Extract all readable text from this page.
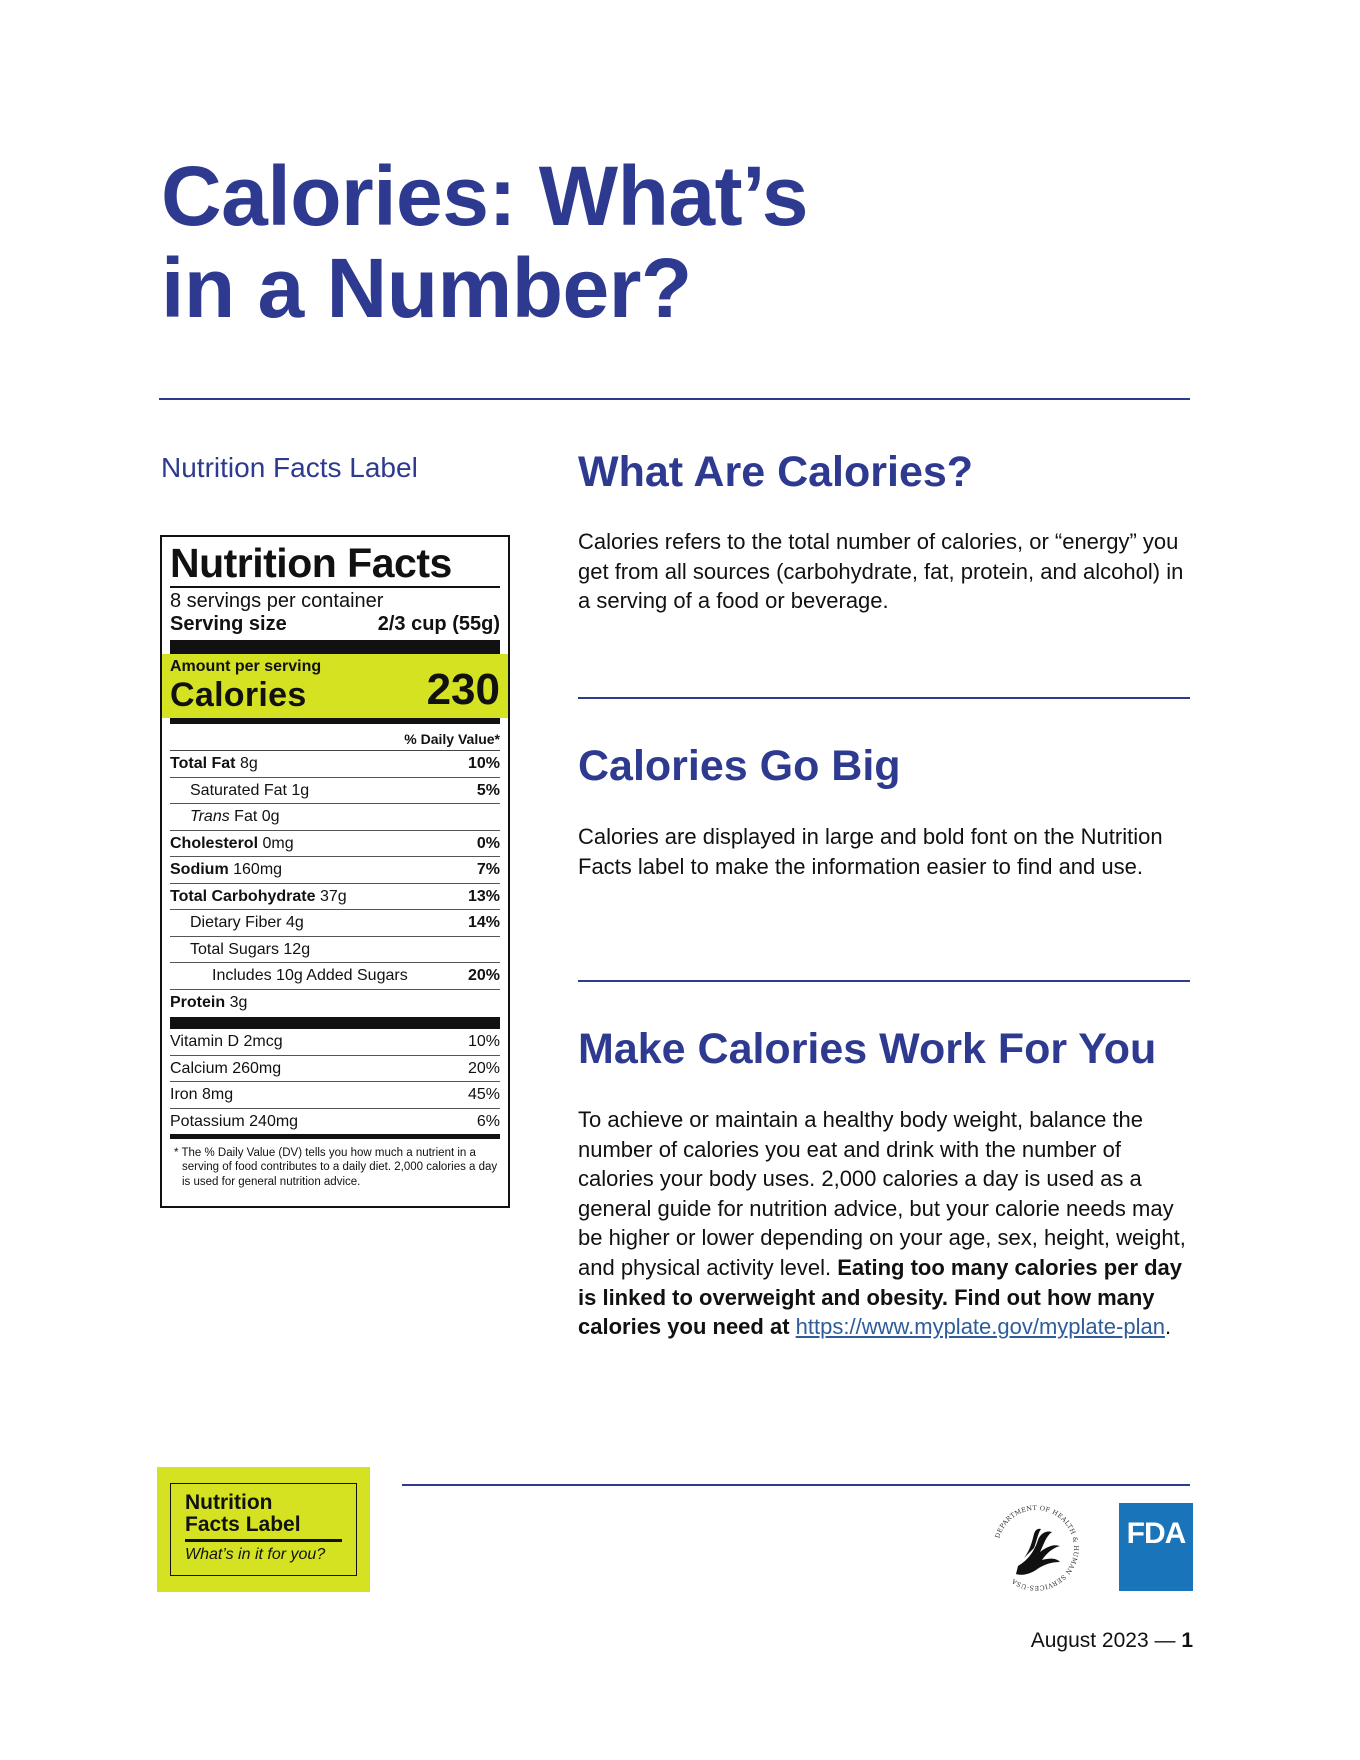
Calories: What’s
in a Number?
Nutrition Facts Label
Nutrition Facts
8 servings per container
Serving size	2/3 cup (55g)
Amount per serving
Calories	230
% Daily Value*
Total Fat 8g	10%
Saturated Fat 1g	5%
Trans Fat 0g
Cholesterol 0mg	0%
Sodium 160mg	7%
Total Carbohydrate 37g	13%
Dietary Fiber 4g	14%
Total Sugars 12g
Includes 10g Added Sugars	20%
Protein 3g
Vitamin D 2mcg	10%
Calcium 260mg	20%
Iron 8mg	45%
Potassium 240mg	6%
* The % Daily Value (DV) tells you how much a nutrient in a serving of food contributes to a daily diet. 2,000 calories a day is used for general nutrition advice.
What Are Calories?
Calories refers to the total number of calories, or “energy” you get from all sources (carbohydrate, fat, protein, and alcohol) in a serving of a food or beverage.
Calories Go Big
Calories are displayed in large and bold font on the Nutrition Facts label to make the information easier to find and use.
Make Calories Work For You
To achieve or maintain a healthy body weight, balance the number of calories you eat and drink with the number of calories your body uses. 2,000 calories a day is used as a general guide for nutrition advice, but your calorie needs may be higher or lower depending on your age, sex, height, weight, and physical activity level. Eating too many calories per day is linked to overweight and obesity. Find out how many calories you need at https://www.myplate.gov/myplate-plan.
Nutrition
Facts Label
What’s in it for you?
DEPARTMENT OF HEALTH & HUMAN SERVICES·USA
FDA
August 2023 — 1
